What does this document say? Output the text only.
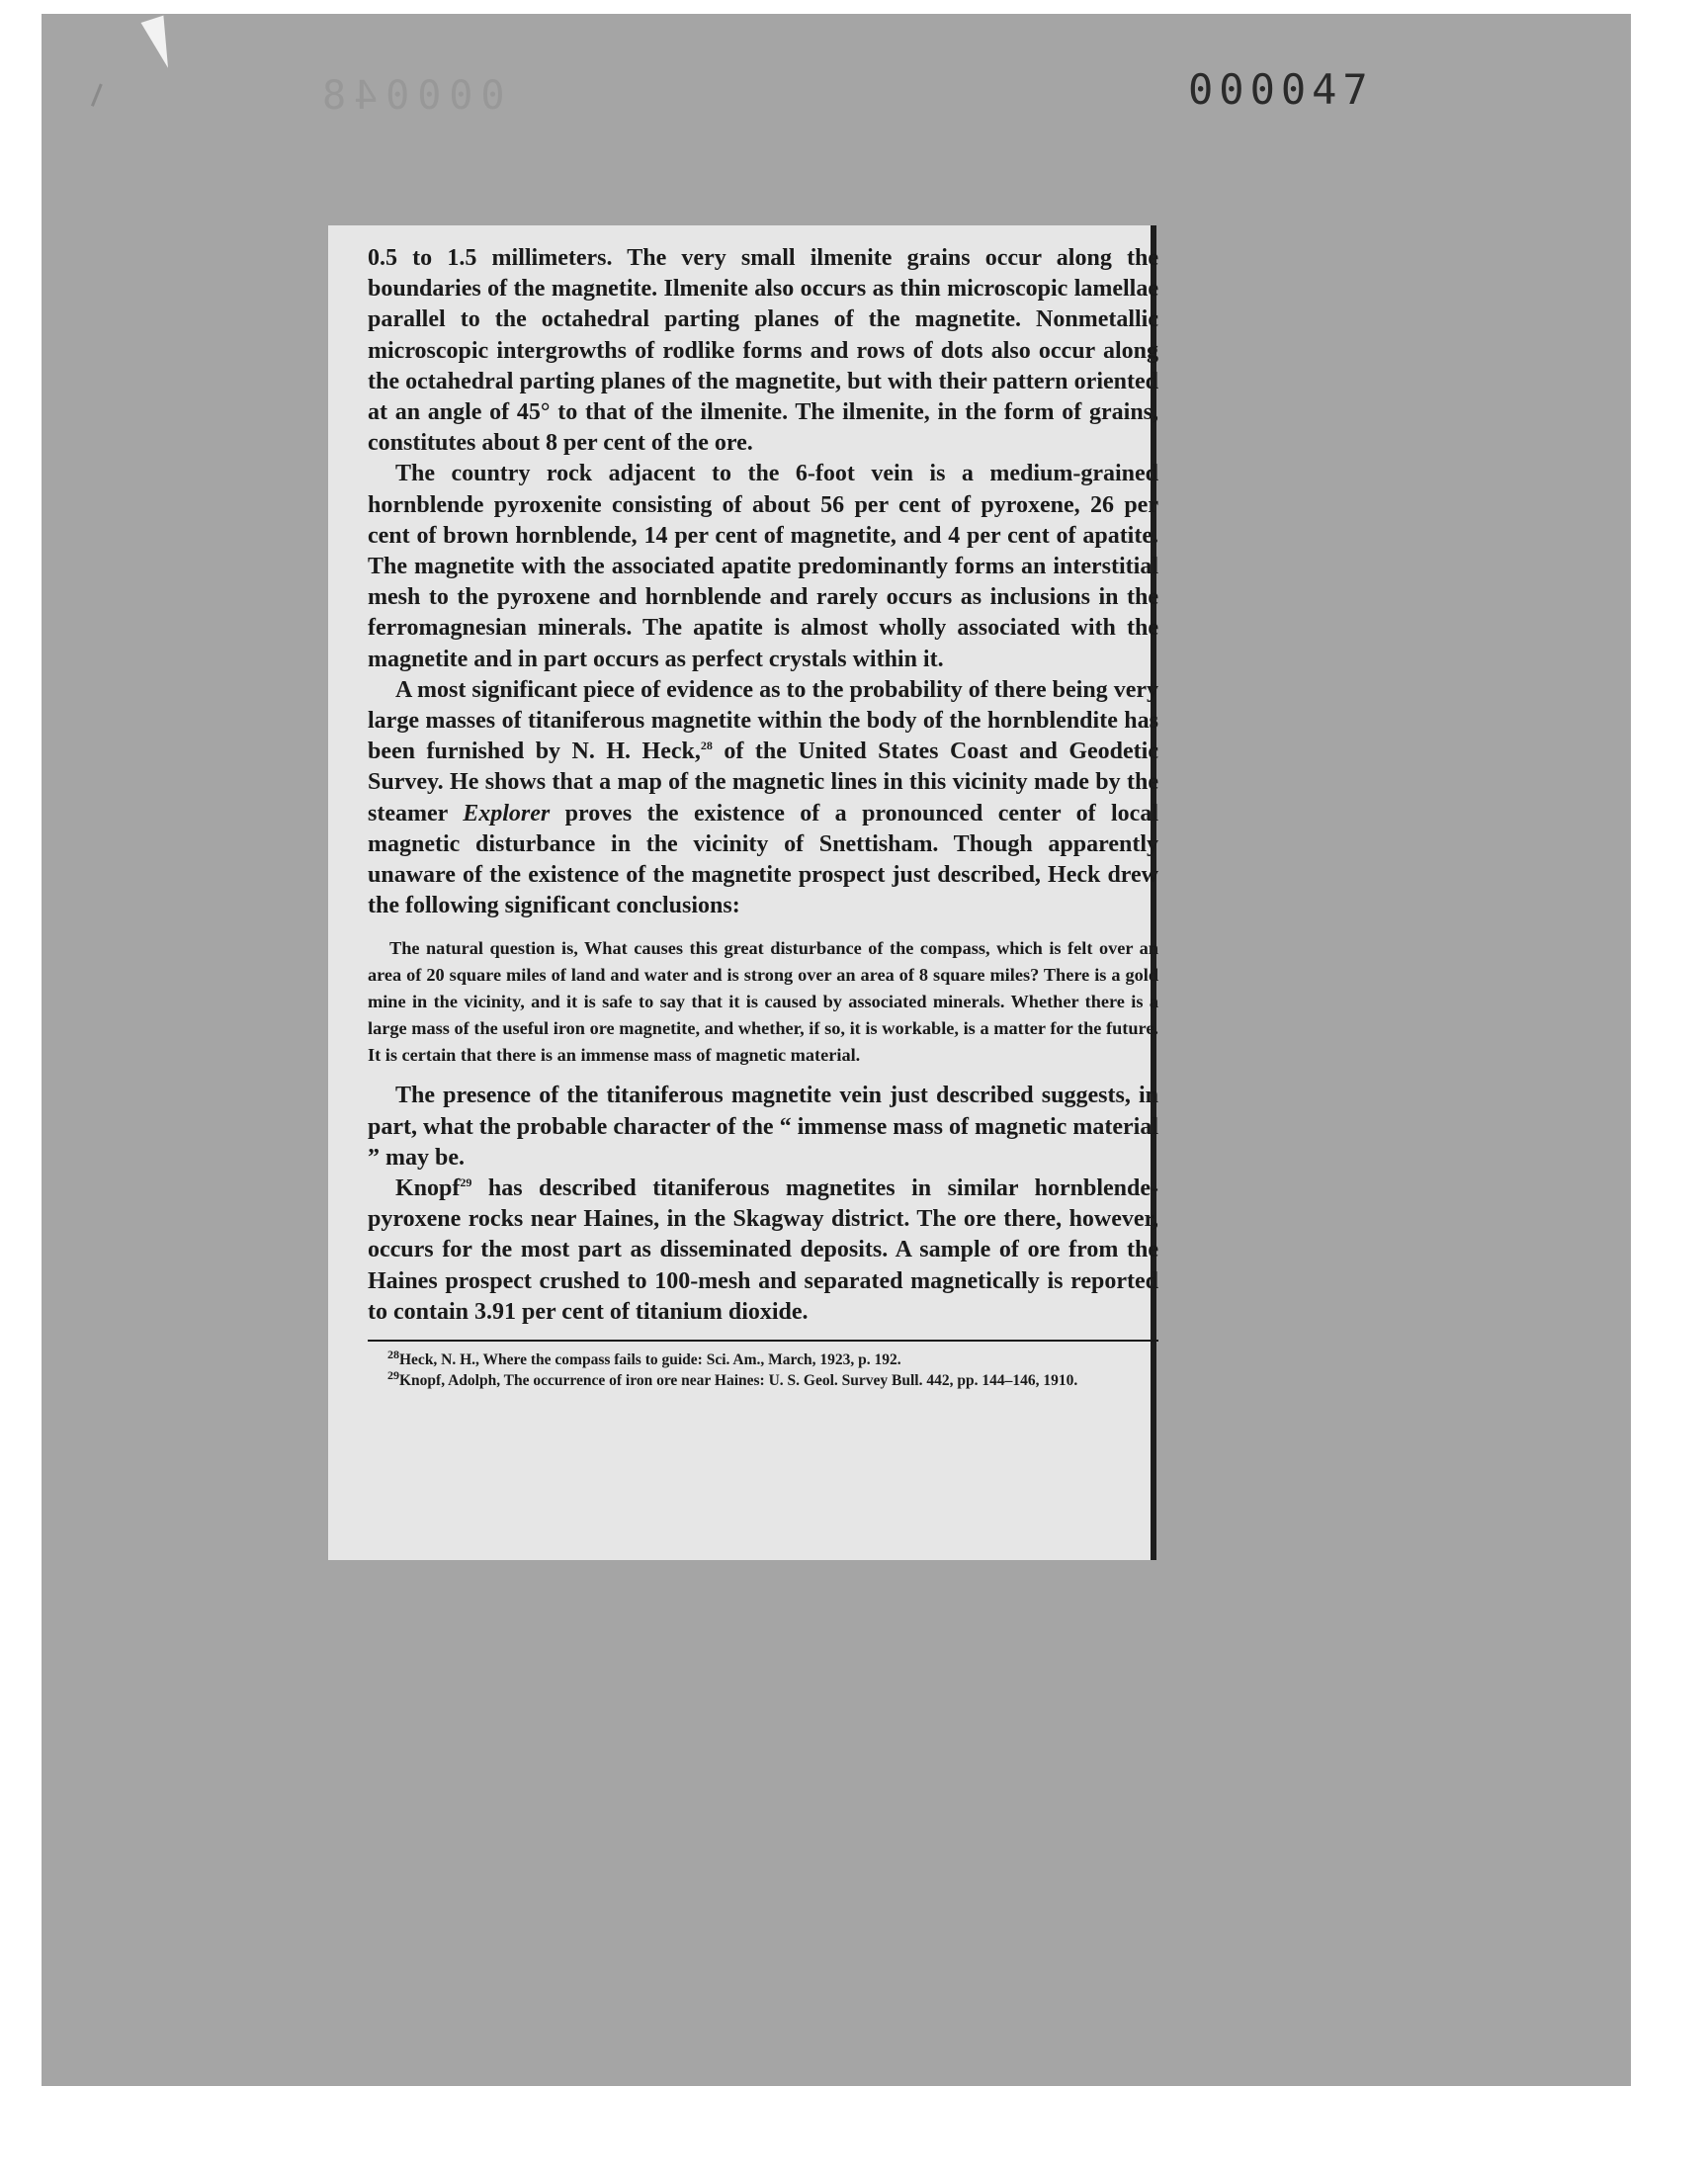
000048	000047

0.5 to 1.5 millimeters. The very small ilmenite grains occur along the boundaries of the magnetite. Ilmenite also occurs as thin microscopic lamellae parallel to the octahedral parting planes of the magnetite. Nonmetallic microscopic intergrowths of rodlike forms and rows of dots also occur along the octahedral parting planes of the magnetite, but with their pattern oriented at an angle of 45° to that of the ilmenite. The ilmenite, in the form of grains, constitutes about 8 per cent of the ore.

The country rock adjacent to the 6-foot vein is a medium-grained hornblende pyroxenite consisting of about 56 per cent of pyroxene, 26 per cent of brown hornblende, 14 per cent of magnetite, and 4 per cent of apatite. The magnetite with the associated apatite predominantly forms an interstitial mesh to the pyroxene and hornblende and rarely occurs as inclusions in the ferromagnesian minerals. The apatite is almost wholly associated with the magnetite and in part occurs as perfect crystals within it.

A most significant piece of evidence as to the probability of there being very large masses of titaniferous magnetite within the body of the hornblendite has been furnished by N. H. Heck,$^{28}$ of the United States Coast and Geodetic Survey. He shows that a map of the magnetic lines in this vicinity made by the steamer Explorer proves the existence of a pronounced center of local magnetic disturbance in the vicinity of Snettisham. Though apparently unaware of the existence of the magnetite prospect just described, Heck drew the following significant conclusions:

The natural question is, What causes this great disturbance of the compass, which is felt over an area of 20 square miles of land and water and is strong over an area of 8 square miles? There is a gold mine in the vicinity, and it is safe to say that it is caused by associated minerals. Whether there is a large mass of the useful iron ore magnetite, and whether, if so, it is workable, is a matter for the future. It is certain that there is an immense mass of magnetic material.

The presence of the titaniferous magnetite vein just described suggests, in part, what the probable character of the “ immense mass of magnetic material ” may be.

Knopf$^{29}$ has described titaniferous magnetites in similar hornblende-pyroxene rocks near Haines, in the Skagway district. The ore there, however, occurs for the most part as disseminated deposits. A sample of ore from the Haines prospect crushed to 100-mesh and separated magnetically is reported to contain 3.91 per cent of titanium dioxide.

$^{28}$Heck, N. H., Where the compass fails to guide: Sci. Am., March, 1923, p. 192.

$^{29}$Knopf, Adolph, The occurrence of iron ore near Haines: U. S. Geol. Survey Bull. 442, pp. 144–146, 1910.
